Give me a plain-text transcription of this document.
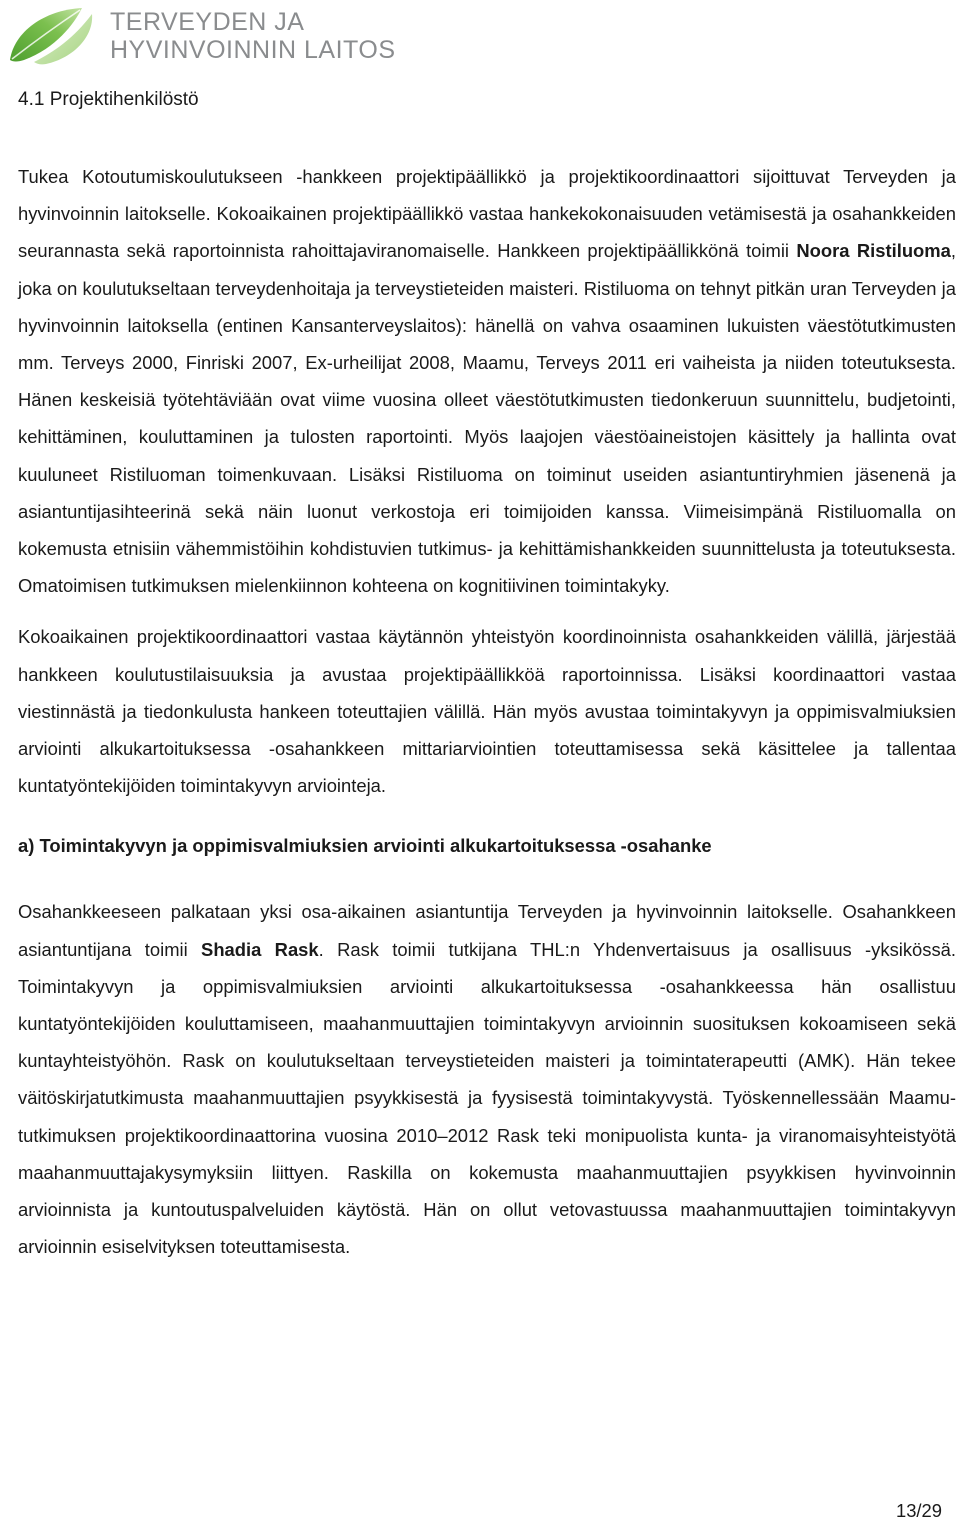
TERVEYDEN JA
HYVINVOINNIN LAITOS
4.1 Projektihenkilöstö

Tukea Kotoutumiskoulutukseen -hankkeen projektipäällikkö ja projektikoordinaattori sijoittuvat Terveyden ja hyvinvoinnin laitokselle. Kokoaikainen projektipäällikkö vastaa hankekokonaisuuden vetämisestä ja osahankkeiden seurannasta sekä raportoinnista rahoittajaviranomaiselle. Hankkeen projektipäällikkönä toimii Noora Ristiluoma, joka on koulutukseltaan terveydenhoitaja ja terveystieteiden maisteri. Ristiluoma on tehnyt pitkän uran Terveyden ja hyvinvoinnin laitoksella (entinen Kansanterveyslaitos): hänellä on vahva osaaminen lukuisten väestötutkimusten mm. Terveys 2000, Finriski 2007, Ex-urheilijat 2008, Maamu, Terveys 2011 eri vaiheista ja niiden toteutuksesta. Hänen keskeisiä työtehtäviään ovat viime vuosina olleet väestötutkimusten tiedonkeruun suunnittelu, budjetointi, kehittäminen, kouluttaminen ja tulosten raportointi. Myös laajojen väestöaineistojen käsittely ja hallinta ovat kuuluneet Ristiluoman toimenkuvaan. Lisäksi Ristiluoma on toiminut useiden asiantuntiryhmien jäsenenä ja asiantuntijasihteerinä sekä näin luonut verkostoja eri toimijoiden kanssa. Viimeisimpänä Ristiluomalla on kokemusta etnisiin vähemmistöihin kohdistuvien tutkimus- ja kehittämishankkeiden suunnittelusta ja toteutuksesta. Omatoimisen tutkimuksen mielenkiinnon kohteena on kognitiivinen toimintakyky.

Kokoaikainen projektikoordinaattori vastaa käytännön yhteistyön koordinoinnista osahankkeiden välillä, järjestää hankkeen koulutustilaisuuksia ja avustaa projektipäällikköä raportoinnissa. Lisäksi koordinaattori vastaa viestinnästä ja tiedonkulusta hankeen toteuttajien välillä. Hän myös avustaa toimintakyvyn ja oppimisvalmiuksien arviointi alkukartoituksessa -osahankkeen mittariarviointien toteuttamisessa sekä käsittelee ja tallentaa kuntatyöntekijöiden toimintakyvyn arviointeja.

a) Toimintakyvyn ja oppimisvalmiuksien arviointi alkukartoituksessa -osahanke

Osahankkeeseen palkataan yksi osa-aikainen asiantuntija Terveyden ja hyvinvoinnin laitokselle. Osahankkeen asiantuntijana toimii Shadia Rask. Rask toimii tutkijana THL:n Yhdenvertaisuus ja osallisuus -yksikössä. Toimintakyvyn ja oppimisvalmiuksien arviointi alkukartoituksessa -osahankkeessa hän osallistuu kuntatyöntekijöiden kouluttamiseen, maahanmuuttajien toimintakyvyn arvioinnin suosituksen kokoamiseen sekä kuntayhteistyöhön. Rask on koulutukseltaan terveystieteiden maisteri ja toimintaterapeutti (AMK). Hän tekee väitöskirjatutkimusta maahanmuuttajien psyykkisestä ja fyysisestä toimintakyvystä. Työskennellessään Maamu-tutkimuksen projektikoordinaattorina vuosina 2010–2012 Rask teki monipuolista kunta- ja viranomaisyhteistyötä maahanmuuttajakysymyksiin liittyen. Raskilla on kokemusta maahanmuuttajien psyykkisen hyvinvoinnin arvioinnista ja kuntoutuspalveluiden käytöstä. Hän on ollut vetovastuussa maahanmuuttajien toimintakyvyn arvioinnin esiselvityksen toteuttamisesta.

13/29
